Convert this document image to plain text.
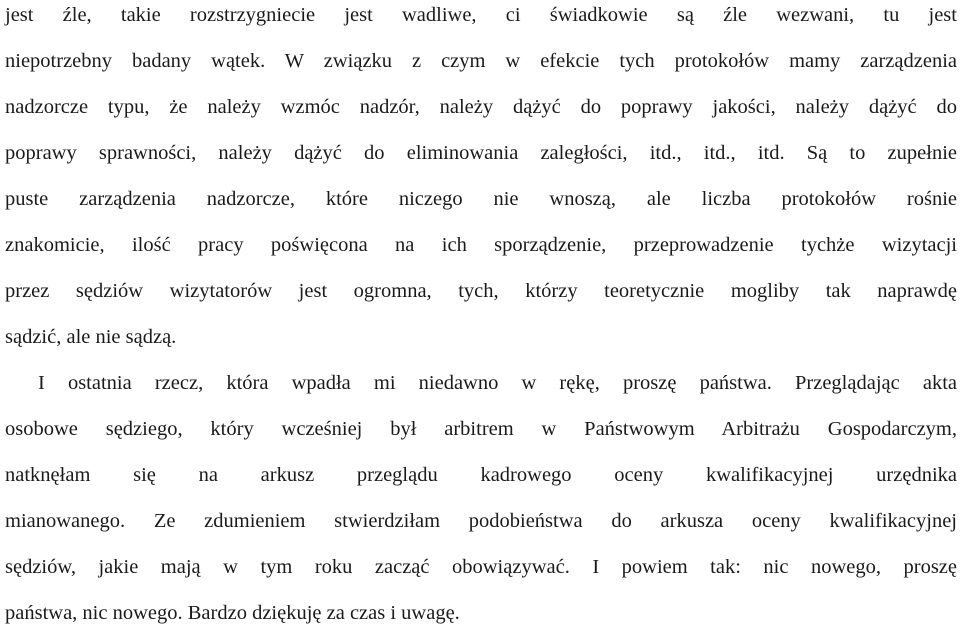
jest źle, takie rozstrzygniecie jest wadliwe, ci świadkowie są źle wezwani, tu jest
niepotrzebny badany wątek. W związku z czym w efekcie tych protokołów mamy zarządzenia
nadzorcze typu, że należy wzmóc nadzór, należy dążyć do poprawy jakości, należy dążyć do
poprawy sprawności, należy dążyć do eliminowania zaległości, itd., itd., itd. Są to zupełnie
puste zarządzenia nadzorcze, które niczego nie wnoszą, ale liczba protokołów rośnie
znakomicie, ilość pracy poświęcona na ich sporządzenie, przeprowadzenie tychże wizytacji
przez sędziów wizytatorów jest ogromna, tych, którzy teoretycznie mogliby tak naprawdę
sądzić, ale nie sądzą.
I ostatnia rzecz, która wpadła mi niedawno w rękę, proszę państwa. Przeglądając akta
osobowe sędziego, który wcześniej był arbitrem w Państwowym Arbitrażu Gospodarczym,
natknęłam się na arkusz przeglądu kadrowego oceny kwalifikacyjnej urzędnika
mianowanego. Ze zdumieniem stwierdziłam podobieństwa do arkusza oceny kwalifikacyjnej
sędziów, jakie mają w tym roku zacząć obowiązywać. I powiem tak: nic nowego, proszę
państwa, nic nowego. Bardzo dziękuję za czas i uwagę.
